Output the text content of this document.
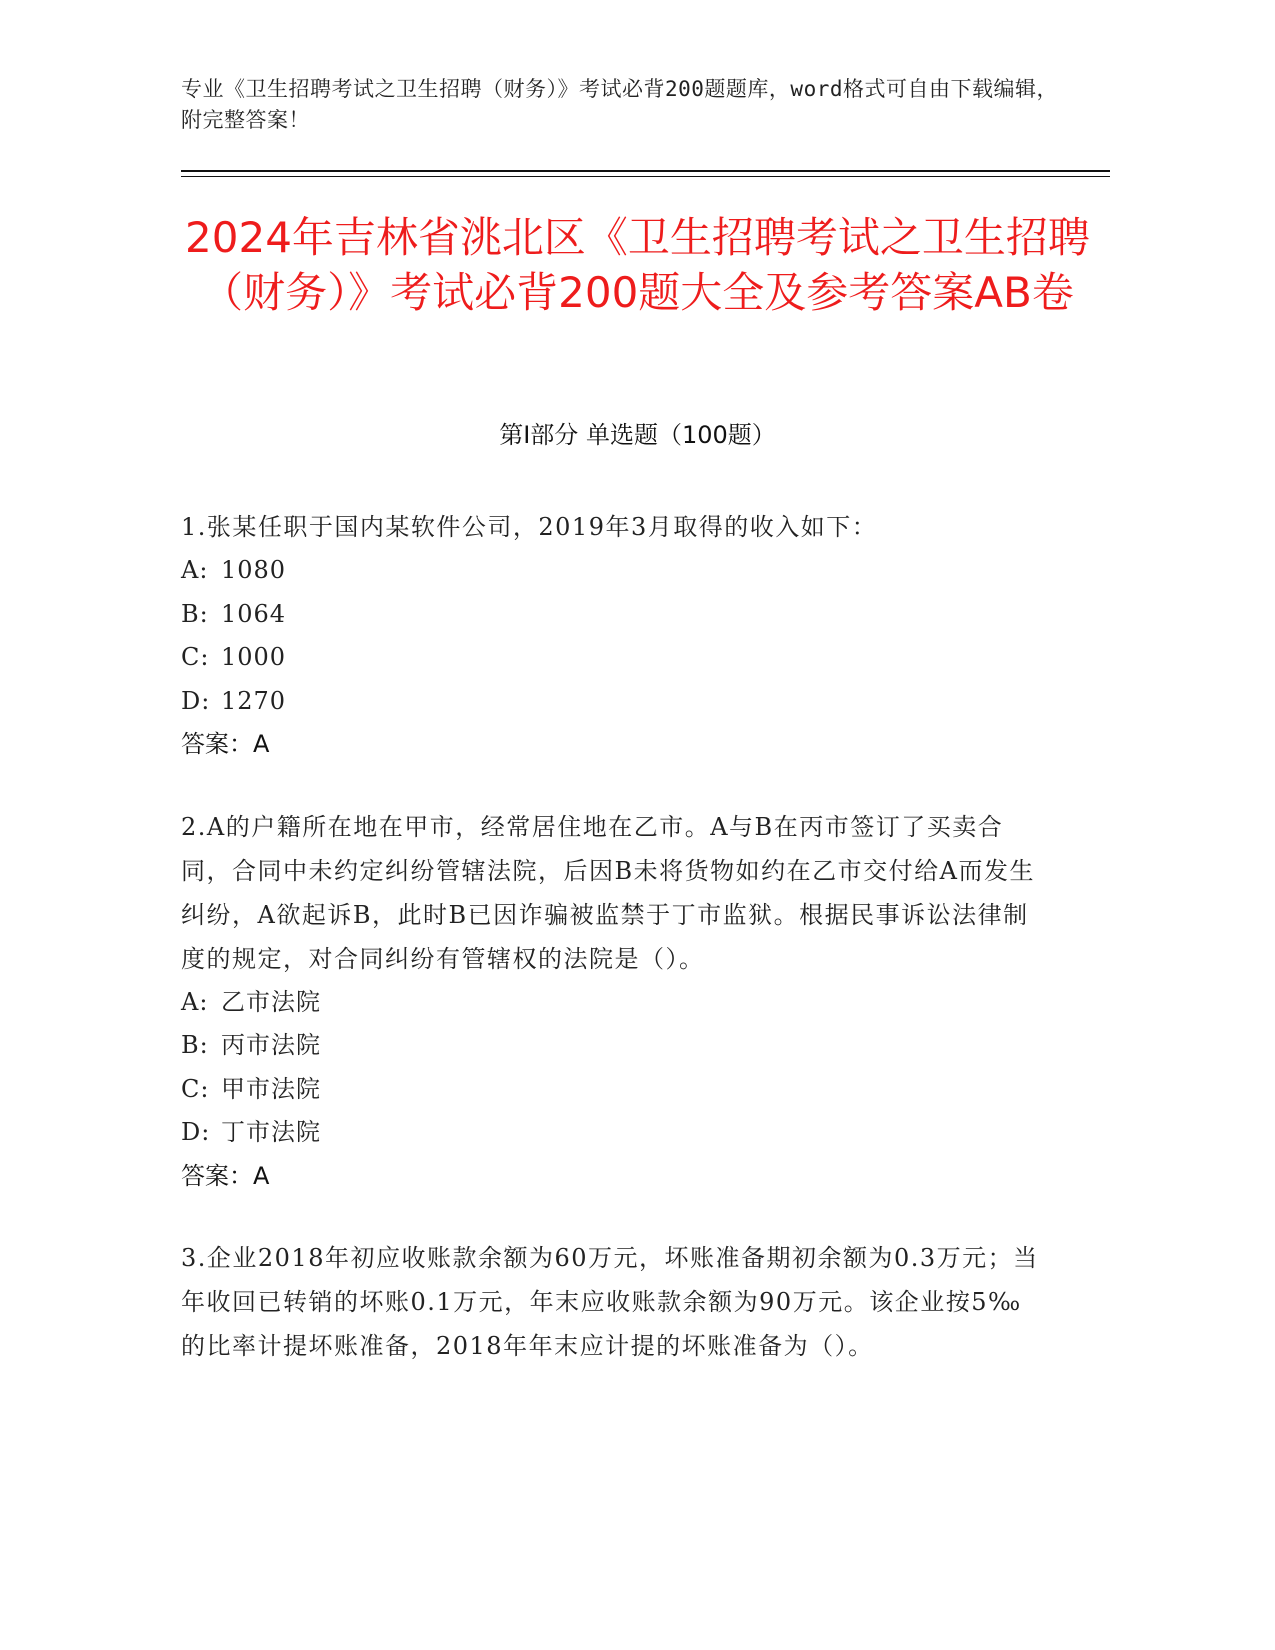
专业《卫生招聘考试之卫生招聘（财务）》考试必背200题题库，word格式可自由下载编辑，附完整答案！
2024年吉林省洮北区《卫生招聘考试之卫生招聘（财务）》考试必背200题大全及参考答案AB卷
第Ⅰ部分 单选题（100题）

1.张某任职于国内某软件公司，2019年3月取得的收入如下：

A: 1080

B: 1064

C: 1000

D: 1270

答案：A

2.A的户籍所在地在甲市，经常居住地在乙市。A与B在丙市签订了买卖合同，合同中未约定纠纷管辖法院，后因B未将货物如约在乙市交付给A而发生纠纷，A欲起诉B，此时B已因诈骗被监禁于丁市监狱。根据民事诉讼法律制度的规定，对合同纠纷有管辖权的法院是（）。

A: 乙市法院

B: 丙市法院

C: 甲市法院

D: 丁市法院

答案：A

3.企业2018年初应收账款余额为60万元，坏账准备期初余额为0.3万元；当年收回已转销的坏账0.1万元，年末应收账款余额为90万元。该企业按5‰的比率计提坏账准备，2018年年末应计提的坏账准备为（）。
